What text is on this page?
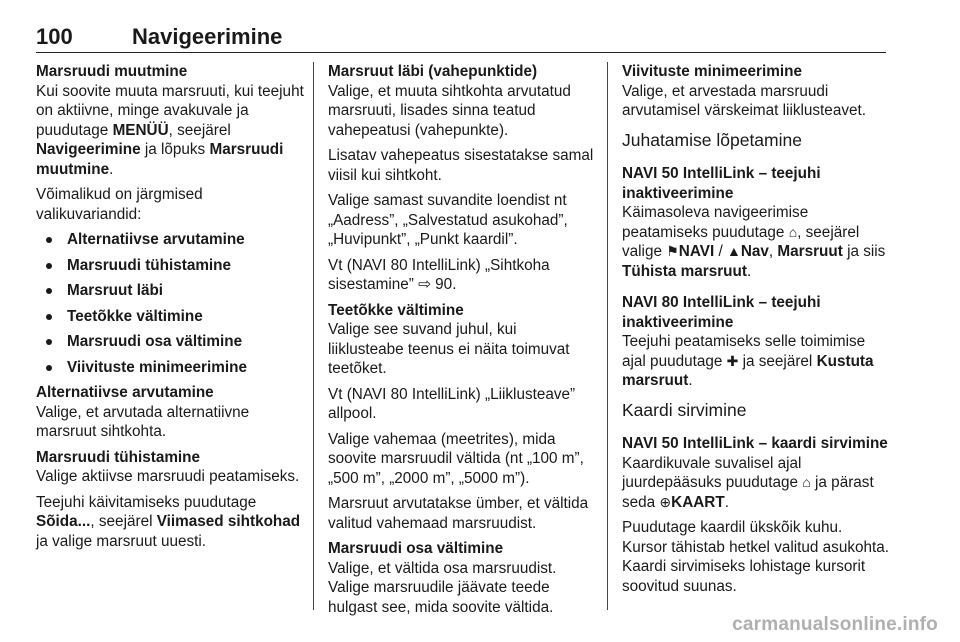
100	Navigeerimine
Marsruudi muutmine

Kui soovite muuta marsruuti, kui teejuht on aktiivne, minge avakuvale ja puudutage MENÜÜ, seejärel Navigeerimine ja lõpuks Marsruudi muutmine.

Võimalikud on järgmised valikuvariandid:

Alternatiivse arvutamine
Marsruudi tühistamine
Marsruut läbi
Teetõkke vältimine
Marsruudi osa vältimine
Viivituste minimeerimine
Alternatiivse arvutamine

Valige, et arvutada alternatiivne marsruut sihtkohta.

Marsruudi tühistamine

Valige aktiivse marsruudi peatamiseks.

Teejuhi käivitamiseks puudutage Sõida..., seejärel Viimased sihtkohad ja valige marsruut uuesti.

Marsruut läbi (vahepunktide)

Valige, et muuta sihtkohta arvutatud marsruuti, lisades sinna teatud vahepeatusi (vahepunkte).

Lisatav vahepeatus sisestatakse samal viisil kui sihtkoht.

Valige samast suvandite loendist nt „Aadress”, „Salvestatud asukohad”, „Huvipunkt”, „Punkt kaardil”.

Vt (NAVI 80 IntelliLink) „Sihtkoha sisestamine” ⇨ 90.

Teetõkke vältimine

Valige see suvand juhul, kui liiklusteabe teenus ei näita toimuvat teetõket.

Vt (NAVI 80 IntelliLink) „Liiklusteave” allpool.

Valige vahemaa (meetrites), mida soovite marsruudil vältida (nt „100 m”, „500 m”, „2000 m”, „5000 m”).

Marsruut arvutatakse ümber, et vältida valitud vahemaad marsruudist.

Marsruudi osa vältimine

Valige, et vältida osa marsruudist. Valige marsruudile jäävate teede hulgast see, mida soovite vältida.

Viivituste minimeerimine

Valige, et arvestada marsruudi arvutamisel värskeimat liiklusteavet.

Juhatamise lõpetamine
NAVI 50 IntelliLink – teejuhi inaktiveerimine

Käimasoleva navigeerimise peatamiseks puudutage ⌂, seejärel valige ⚑NAVI / ▲Nav, Marsruut ja siis Tühista marsruut.

NAVI 80 IntelliLink – teejuhi inaktiveerimine

Teejuhi peatamiseks selle toimimise ajal puudutage ✚ ja seejärel Kustuta marsruut.

Kaardi sirvimine
NAVI 50 IntelliLink – kaardi sirvimine

Kaardikuvale suvalisel ajal juurdepääsuks puudutage ⌂ ja pärast seda ⊕KAART.

Puudutage kaardil ükskõik kuhu. Kursor tähistab hetkel valitud asukohta. Kaardi sirvimiseks lohistage kursorit soovitud suunas.

carmanualsonline.info
